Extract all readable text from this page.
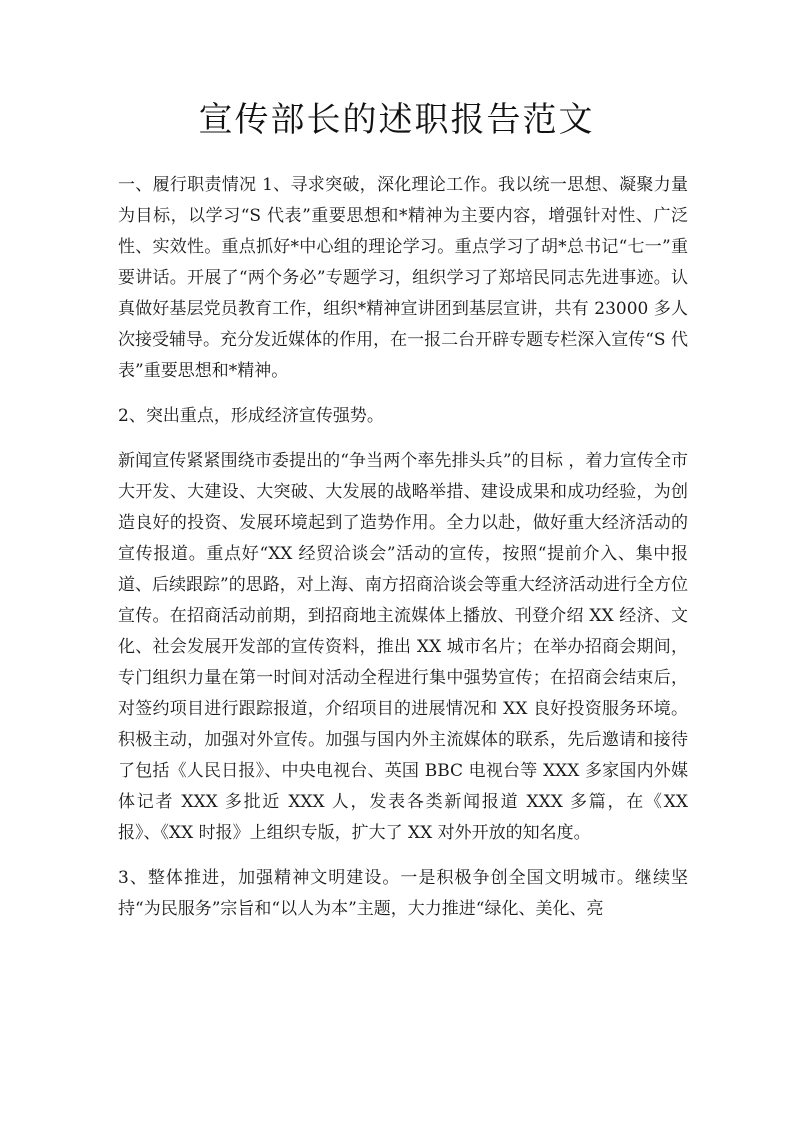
宣传部长的述职报告范文

一、履行职责情况 1、寻求突破，深化理论工作。我以统一思想、凝聚力量为目标，以学习“S 代表”重要思想和*精神为主要内容，增强针对性、广泛性、实效性。重点抓好*中心组的理论学习。重点学习了胡*总书记“七一”重要讲话。开展了“两个务必”专题学习，组织学习了郑培民同志先进事迹。认真做好基层党员教育工作，组织*精神宣讲团到基层宣讲，共有 23000 多人次接受辅导。充分发近媒体的作用，在一报二台开辟专题专栏深入宣传“S 代表”重要思想和*精神。

2、突出重点，形成经济宣传强势。

新闻宣传紧紧围绕市委提出的“争当两个率先排头兵”的目标 ，着力宣传全市大开发、大建设、大突破、大发展的战略举措、建设成果和成功经验，为创造良好的投资、发展环境起到了造势作用。全力以赴，做好重大经济活动的宣传报道。重点好“XX 经贸洽谈会”活动的宣传，按照“提前介入、集中报道、后续跟踪”的思路，对上海、南方招商洽谈会等重大经济活动进行全方位宣传。在招商活动前期，到招商地主流媒体上播放、刊登介绍 XX 经济、文化、社会发展开发部的宣传资料，推出 XX 城市名片；在举办招商会期间，专门组织力量在第一时间对活动全程进行集中强势宣传；在招商会结束后，对签约项目进行跟踪报道，介绍项目的进展情况和 XX 良好投资服务环境。积极主动，加强对外宣传。加强与国内外主流媒体的联系，先后邀请和接待了包括《人民日报》、中央电视台、英国 BBC 电视台等 XXX 多家国内外媒体记者 XXX 多批近 XXX 人，发表各类新闻报道 XXX 多篇，在《XX 报》、《XX 时报》上组织专版，扩大了 XX 对外开放的知名度。

3、整体推进，加强精神文明建设。一是积极争创全国文明城市。继续坚持“为民服务”宗旨和“以人为本”主题，大力推进“绿化、美化、亮
